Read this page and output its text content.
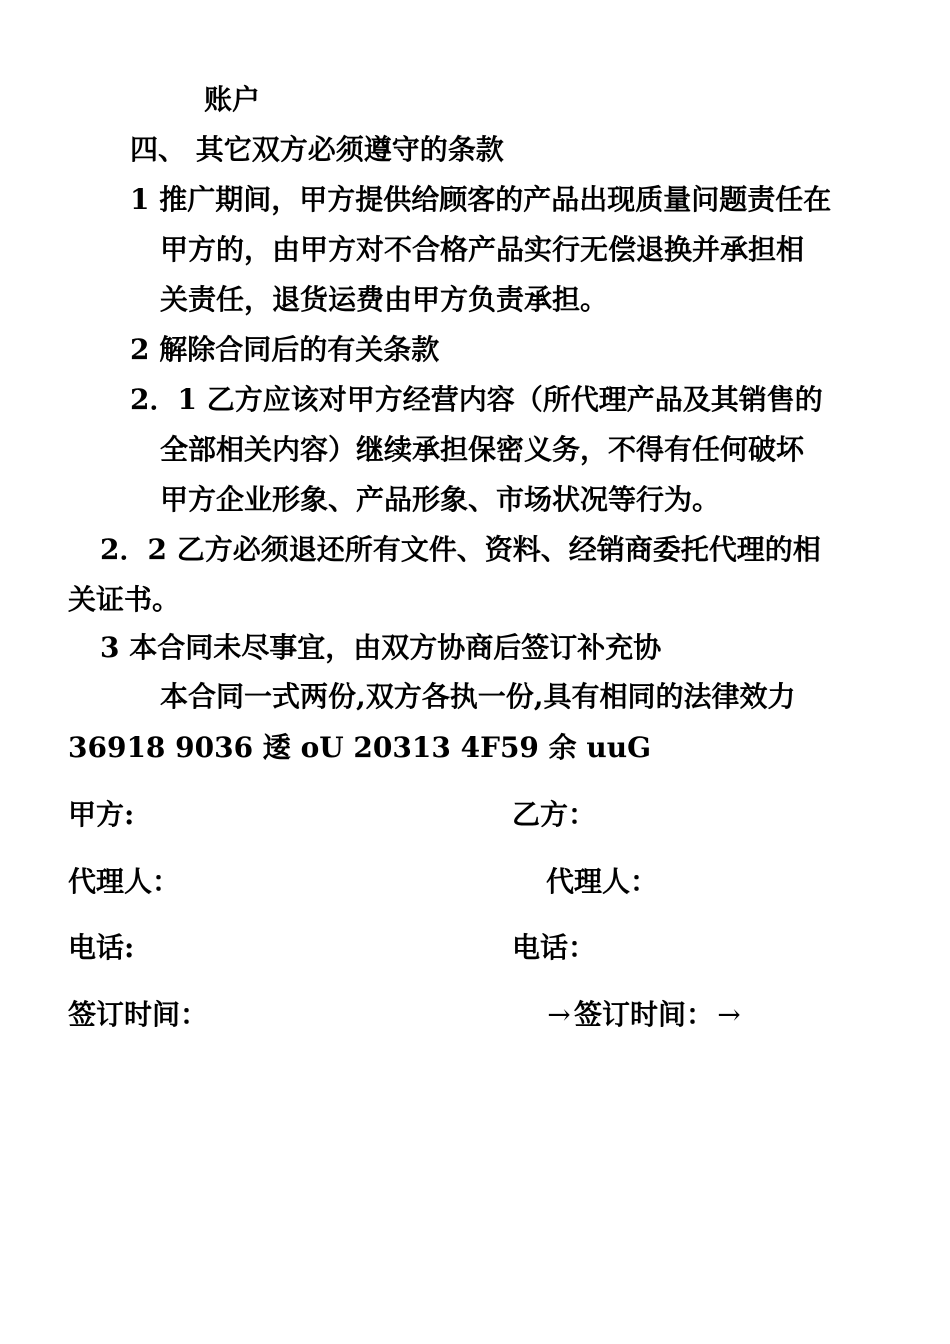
账户
四、 其它双方必须遵守的条款
1 推广期间，甲方提供给顾客的产品出现质量问题责任在
甲方的，由甲方对不合格产品实行无偿退换并承担相
关责任，退货运费由甲方负责承担。
2 解除合同后的有关条款
2．1 乙方应该对甲方经营内容（所代理产品及其销售的
全部相关内容）继续承担保密义务，不得有任何破坏
甲方企业形象、产品形象、市场状况等行为。
2．2 乙方必须退还所有文件、资料、经销商委托代理的相
关证书。
3 本合同未尽事宜，由双方协商后签订补充协
本合同一式两份,双方各执一份,具有相同的法律效力
36918 9036 逶 oU 20313 4F59 余 uuG
甲方:	乙方：
代理人：	代理人：
电话:	电话：
签订时间：	→ 签订时间： →
